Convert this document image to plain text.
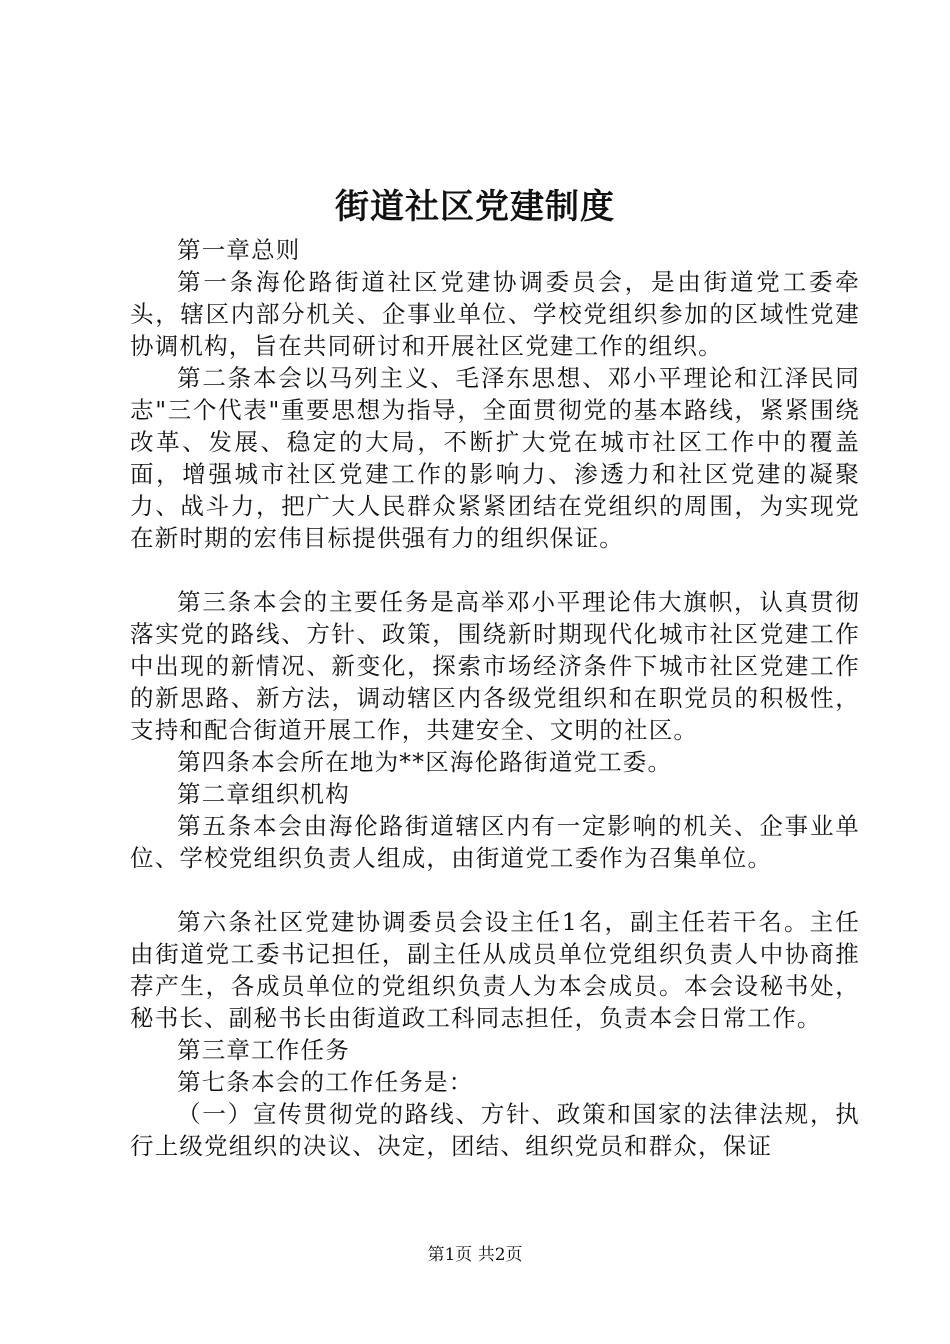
街道社区党建制度

第一章总则

第一条海伦路街道社区党建协调委员会，是由街道党工委牵头，辖区内部分机关、企事业单位、学校党组织参加的区域性党建协调机构，旨在共同研讨和开展社区党建工作的组织。

第二条本会以马列主义、毛泽东思想、邓小平理论和江泽民同志"三个代表"重要思想为指导，全面贯彻党的基本路线，紧紧围绕改革、发展、稳定的大局，不断扩大党在城市社区工作中的覆盖面，增强城市社区党建工作的影响力、渗透力和社区党建的凝聚力、战斗力，把广大人民群众紧紧团结在党组织的周围，为实现党在新时期的宏伟目标提供强有力的组织保证。

第三条本会的主要任务是高举邓小平理论伟大旗帜，认真贯彻落实党的路线、方针、政策，围绕新时期现代化城市社区党建工作中出现的新情况、新变化，探索市场经济条件下城市社区党建工作的新思路、新方法，调动辖区内各级党组织和在职党员的积极性，支持和配合街道开展工作，共建安全、文明的社区。

第四条本会所在地为**区海伦路街道党工委。

第二章组织机构

第五条本会由海伦路街道辖区内有一定影响的机关、企事业单位、学校党组织负责人组成，由街道党工委作为召集单位。

第六条社区党建协调委员会设主任1名，副主任若干名。主任由街道党工委书记担任，副主任从成员单位党组织负责人中协商推荐产生，各成员单位的党组织负责人为本会成员。本会设秘书处，秘书长、副秘书长由街道政工科同志担任，负责本会日常工作。

第三章工作任务

第七条本会的工作任务是：

（一）宣传贯彻党的路线、方针、政策和国家的法律法规，执行上级党组织的决议、决定，团结、组织党员和群众，保证

第1页 共2页
